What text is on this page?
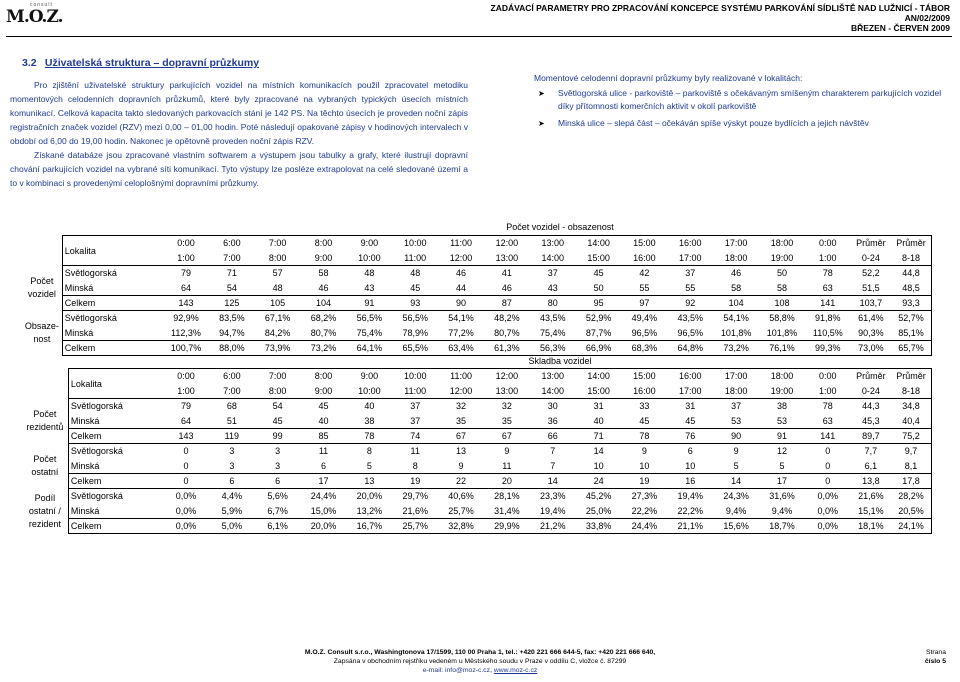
consult
M.O.Z.	ZADÁVACÍ PARAMETRY PRO ZPRACOVÁNÍ KONCEPCE SYSTÉMU PARKOVÁNÍ SÍDLIŠTĚ NAD LUŽNICÍ - TÁBOR
AN/02/2009
BŘEZEN - ČERVEN 2009
3.2 Uživatelská struktura – dopravní průzkumy

Pro zjištění uživatelské struktury parkujících vozidel na místních komunikacích použil zpracovatel metodiku momentových celodenních dopravních průzkumů, které byly zpracované na vybraných typických úsecích místních komunikací. Celková kapacita takto sledovaných parkovacích stání je 142 PS. Na těchto úsecích je proveden noční zápis registračních značek vozidel (RZV) mezi 0,00 – 01,00 hodin. Poté následují opakované zápisy v hodinových intervalech v období od 6,00 do 19,00 hodin. Nakonec je opětovně proveden noční zápis RZV.

Získané databáze jsou zpracované vlastním softwarem a výstupem jsou tabulky a grafy, které ilustrují dopravní chování parkujících vozidel na vybrané síti komunikací. Tyto výstupy lze posléze extrapolovat na celé sledované území a to v kombinaci s provedenými celoplošnými dopravními průzkumy.

Momentové celodenní dopravní průzkumy byly realizované v lokalitách:
➤ Světlogorská ulice - parkoviště – parkoviště s očekávaným smíšeným charakterem parkujících vozidel díky přítomnosti komerčních aktivit v okolí parkoviště
➤ Minská ulice – slepá část – očekáván spíše výskyt pouze bydlících a jejich návštěv
Počet vozidel - obsazenost
	Lokalita	0:00	6:00	7:00	8:00	9:00	10:00	11:00	12:00	13:00	14:00	15:00	16:00	17:00	18:00	0:00	Průměr	Průměr
		1:00	7:00	8:00	9:00	10:00	11:00	12:00	13:00	14:00	15:00	16:00	17:00	18:00	19:00	1:00	0-24	8-18
Počet vozidel	Světlogorská	79	71	57	58	48	48	46	41	37	45	42	37	46	50	78	52,2	44,8
	Minská	64	54	48	46	43	45	44	46	43	50	55	55	58	58	63	51,5	48,5
	Celkem	143	125	105	104	91	93	90	87	80	95	97	92	104	108	141	103,7	93,3
Obsaze- nost	Světlogorská	92,9%	83,5%	67,1%	68,2%	56,5%	56,5%	54,1%	48,2%	43,5%	52,9%	49,4%	43,5%	54,1%	58,8%	91,8%	61,4%	52,7%
	Minská	112,3%	94,7%	84,2%	80,7%	75,4%	78,9%	77,2%	80,7%	75,4%	87,7%	96,5%	96,5%	101,8%	101,8%	110,5%	90,3%	85,1%
	Celkem	100,7%	88,0%	73,9%	73,2%	64,1%	65,5%	63,4%	61,3%	56,3%	66,9%	68,3%	64,8%	73,2%	76,1%	99,3%	73,0%	65,7%
Skladba vozidel
	Lokalita	0:00	6:00	7:00	8:00	9:00	10:00	11:00	12:00	13:00	14:00	15:00	16:00	17:00	18:00	0:00	Průměr	Průměr
		1:00	7:00	8:00	9:00	10:00	11:00	12:00	13:00	14:00	15:00	16:00	17:00	18:00	19:00	1:00	0-24	8-18
Počet rezidentů	Světlogorská	79	68	54	45	40	37	32	32	30	31	33	31	37	38	78	44,3	34,8
	Minská	64	51	45	40	38	37	35	35	36	40	45	45	53	53	63	45,3	40,4
	Celkem	143	119	99	85	78	74	67	67	66	71	78	76	90	91	141	89,7	75,2
Počet ostatní	Světlogorská	0	3	3	11	8	11	13	9	7	14	9	6	9	12	0	7,7	9,7
	Minská	0	3	3	6	5	8	9	11	7	10	10	10	5	5	0	6,1	8,1
	Celkem	0	6	6	17	13	19	22	20	14	24	19	16	14	17	0	13,8	17,8
Podíl ostatní / rezident	Světlogorská	0,0%	4,4%	5,6%	24,4%	20,0%	29,7%	40,6%	28,1%	23,3%	45,2%	27,3%	19,4%	24,3%	31,6%	0,0%	21,6%	28,2%
	Minská	0,0%	5,9%	6,7%	15,0%	13,2%	21,6%	25,7%	31,4%	19,4%	25,0%	22,2%	22,2%	9,4%	9,4%	0,0%	15,1%	20,5%
	Celkem	0,0%	5,0%	6,1%	20,0%	16,7%	25,7%	32,8%	29,9%	21,2%	33,8%	24,4%	21,1%	15,6%	18,7%	0,0%	18,1%	24,1%
M.O.Z. Consult s.r.o., Washingtonova 17/1599, 110 00 Praha 1, tel.: +420 221 666 644-5, fax: +420 221 666 640,
Zapsána v obchodním rejstříku vedeném u Městského soudu v Praze v oddílu C, vložce č. 87299
e-mail: info@moz-c.cz, www.moz-c.cz
Strana
číslo 5
